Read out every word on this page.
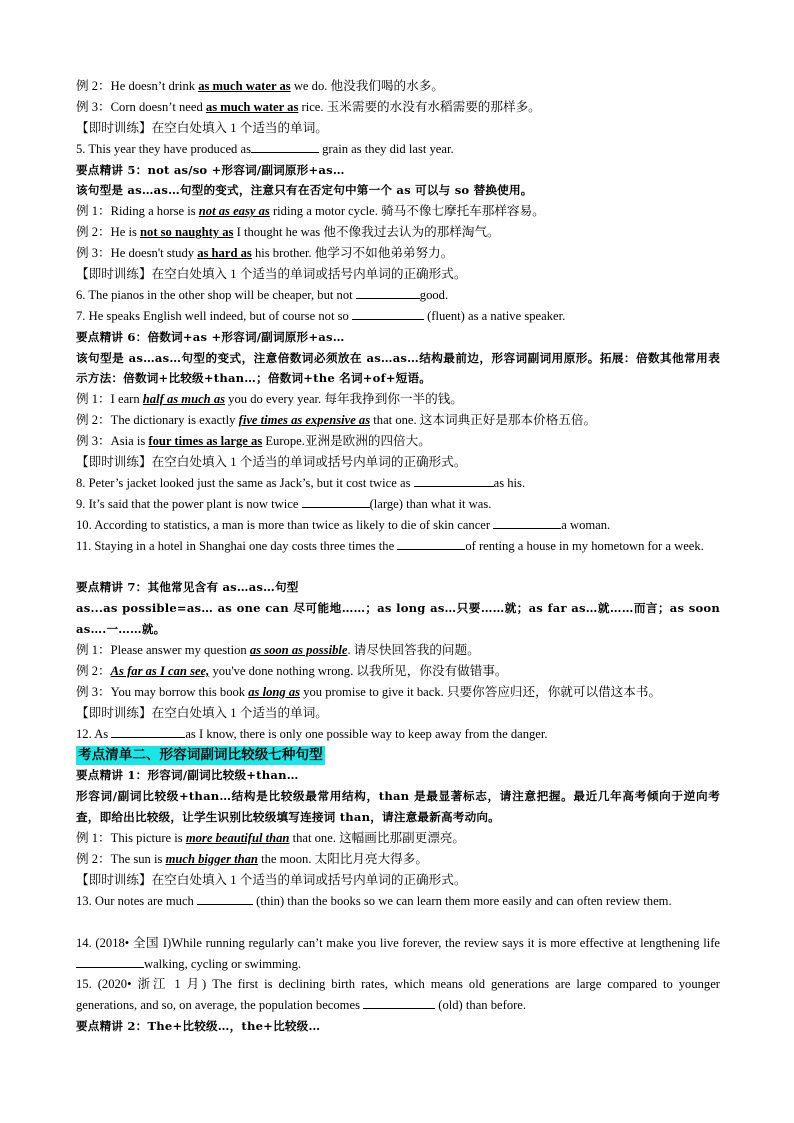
例 2：He doesn’t drink as much water as we do. 他没我们喝的水多。
例 3：Corn doesn’t need as much water as rice. 玉米需要的水没有水稻需要的那样多。
【即时训练】在空白处填入 1 个适当的单词。
5. This year they have produced as	grain as they did last year.
要点精讲 5：not as/so +形容词/副词原形+as…
该句型是 as…as…句型的变式，注意只有在否定句中第一个 as 可以与 so 替换使用。
例 1：Riding a horse is not as easy as riding a motor cycle. 骑马不像七摩托车那样容易。
例 2：He is not so naughty as I thought he was 他不像我过去认为的那样淘气。
例 3：He doesn't study as hard as his brother. 他学习不如他弟弟努力。
【即时训练】在空白处填入 1 个适当的单词或括号内单词的正确形式。
6. The pianos in the other shop will be cheaper, but not	good.
7. He speaks English well indeed, but of course not so	(fluent) as a native speaker.
要点精讲 6：倍数词+as +形容词/副词原形+as…
该句型是 as…as…句型的变式，注意倍数词必须放在 as…as…结构最前边，形容词副词用原形。拓展：倍数其他常用表示方法：倍数词+比较级+than…；倍数词+the 名词+of+短语。
例 1：I earn half as much as you do every year. 每年我挣到你一半的钱。
例 2：The dictionary is exactly five times as expensive as that one. 这本词典正好是那本价格五倍。
例 3：Asia is four times as large as Europe.亚洲是欧洲的四倍大。
【即时训练】在空白处填入 1 个适当的单词或括号内单词的正确形式。
8. Peter’s jacket looked just the same as Jack’s, but it cost twice as	as his.
9. It’s said that the power plant is now twice	(large) than what it was.
10. According to statistics, a man is more than twice as likely to die of skin cancer	a woman.
11. Staying in a hotel in Shanghai one day costs three times the	of renting a house in my hometown for a week.
要点精讲 7：其他常见含有 as…as…句型
as...as possible=as… as one can 尽可能地……；as long as…只要……就；as far as…就……而言；as soon as….一……就。
例 1：Please answer my question as soon as possible. 请尽快回答我的问题。
例 2：As far as I can see, you've done nothing wrong. 以我所见，你没有做错事。
例 3：You may borrow this book as long as you promise to give it back. 只要你答应归还，你就可以借这本书。
【即时训练】在空白处填入 1 个适当的单词。
12. As	as I know, there is only one possible way to keep away from the danger.
考点清单二、形容词副词比较级七种句型
要点精讲 1：形容词/副词比较级+than…
形容词/副词比较级+than…结构是比较级最常用结构，than 是最显著标志，请注意把握。最近几年高考倾向于逆向考查，即给出比较级，让学生识别比较级填写连接词 than，请注意最新高考动向。
例 1：This picture is more beautiful than that one. 这幅画比那副更漂亮。
例 2：The sun is much bigger than the moon. 太阳比月亮大得多。
【即时训练】在空白处填入 1 个适当的单词或括号内单词的正确形式。
13. Our notes are much	(thin) than the books so we can learn them more easily and can often review them.
14. (2018• 全国 I)While running regularly can’t make you live forever, the review says it is more effective at lengthening life walking, cycling or swimming.
15. (2020• 浙江 1 月) The first is declining birth rates, which means old generations are large compared to younger generations, and so, on average, the population becomes	(old) than before.
要点精讲 2：The+比较级…，the+比较级…
